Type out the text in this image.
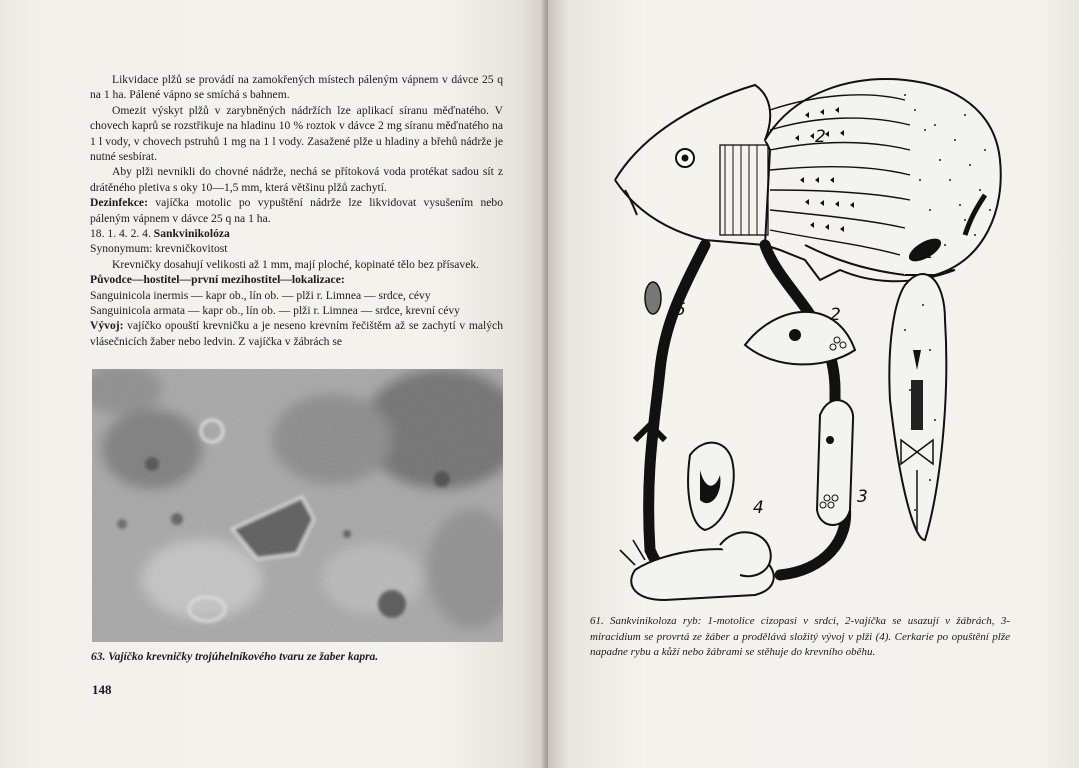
Likvidace plžů se provádí na zamokřených místech páleným vápnem v dávce 25 q na 1 ha. Pálené vápno se smíchá s bahnem.

Omezit výskyt plžů v zarybněných nádržích lze aplikací síranu měďnatého. V chovech kaprů se rozstřikuje na hladinu 10 % roztok v dávce 2 mg síranu měďnatého na 1 l vody, v chovech pstruhů 1 mg na 1 l vody. Zasažené plže u hladiny a břehů nádrže je nutné sesbírat.

Aby plži nevnikli do chovné nádrže, nechá se přítoková voda protékat sadou sít z drátěného pletiva s oky 10—1,5 mm, která většinu plžů zachytí.

Dezinfekce: vajíčka motolic po vypuštění nádrže lze likvidovat vysušením nebo páleným vápnem v dávce 25 q na 1 ha.

18. 1. 4. 2. 4. Sankvinikolóza

Synonymum: krevničkovitost

Krevničky dosahují velikosti až 1 mm, mají ploché, kopinaté tělo bez přísavek.

Původce—hostitel—první mezihostitel—lokalizace:

Sanguinicola inermis — kapr ob., lín ob. — plži r. Limnea — srdce, cévy

Sanguinicola armata — kapr ob., lín ob. — plži r. Limnea — srdce, krevní cévy

Vývoj: vajíčko opouští krevničku a je neseno krevním řečištěm až se zachytí v malých vlásečnicích žaber nebo ledvin. Z vajíčka v žábrách se

63. Vajíčko krevničky trojúhelníkového tvaru ze žaber kapra.
148
1
2
2
3
4
5
61. Sankvinikoloza ryb: 1-motolice cizopasi v srdci, 2-vajíčka se usazují v žábrách, 3-miracidium se provrtá ze žáber a prodělává složitý vývoj v plži (4). Cerkarie po opuštění plže napadne rybu a kůží nebo žábrami se stěhuje do krevního oběhu.
